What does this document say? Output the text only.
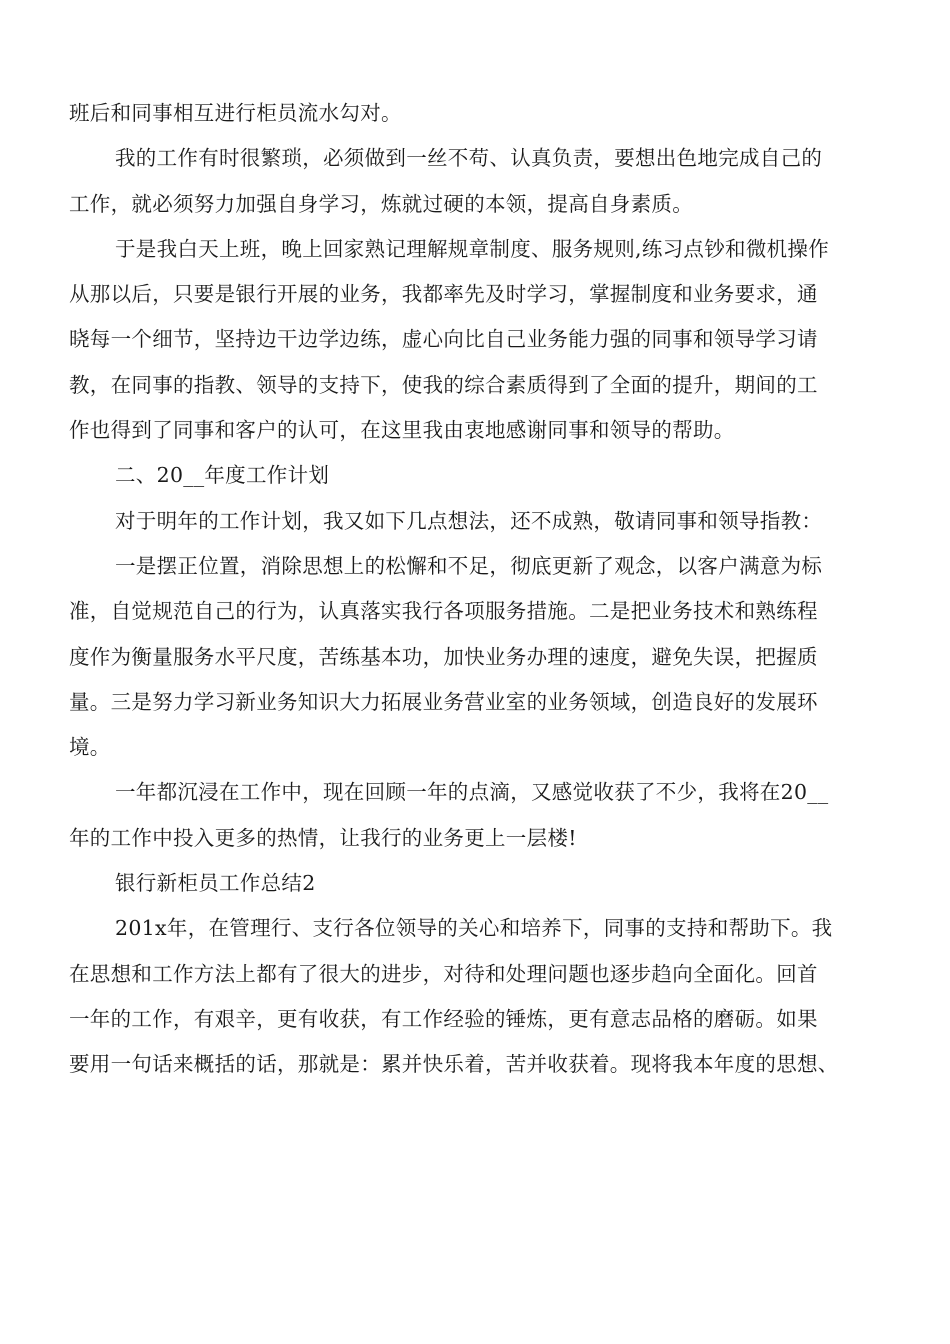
班后和同事相互进行柜员流水勾对。
我的工作有时很繁琐，必须做到一丝不苟、认真负责，要想出色地完成自己的
工作，就必须努力加强自身学习，炼就过硬的本领，提高自身素质。
于是我白天上班，晚上回家熟记理解规章制度、服务规则,练习点钞和微机操作
从那以后，只要是银行开展的业务，我都率先及时学习，掌握制度和业务要求，通
晓每一个细节，坚持边干边学边练，虚心向比自己业务能力强的同事和领导学习请
教，在同事的指教、领导的支持下，使我的综合素质得到了全面的提升，期间的工
作也得到了同事和客户的认可，在这里我由衷地感谢同事和领导的帮助。
二、20__年度工作计划
对于明年的工作计划，我又如下几点想法，还不成熟，敬请同事和领导指教：
一是摆正位置，消除思想上的松懈和不足，彻底更新了观念，以客户满意为标
准，自觉规范自己的行为，认真落实我行各项服务措施。二是把业务技术和熟练程
度作为衡量服务水平尺度，苦练基本功，加快业务办理的速度，避免失误，把握质
量。三是努力学习新业务知识大力拓展业务营业室的业务领域，创造良好的发展环
境。
一年都沉浸在工作中，现在回顾一年的点滴，又感觉收获了不少，我将在20__
年的工作中投入更多的热情，让我行的业务更上一层楼!
银行新柜员工作总结2
201x年，在管理行、支行各位领导的关心和培养下，同事的支持和帮助下。我
在思想和工作方法上都有了很大的进步，对待和处理问题也逐步趋向全面化。回首
一年的工作，有艰辛，更有收获，有工作经验的锤炼，更有意志品格的磨砺。如果
要用一句话来概括的话，那就是：累并快乐着，苦并收获着。现将我本年度的思想、
